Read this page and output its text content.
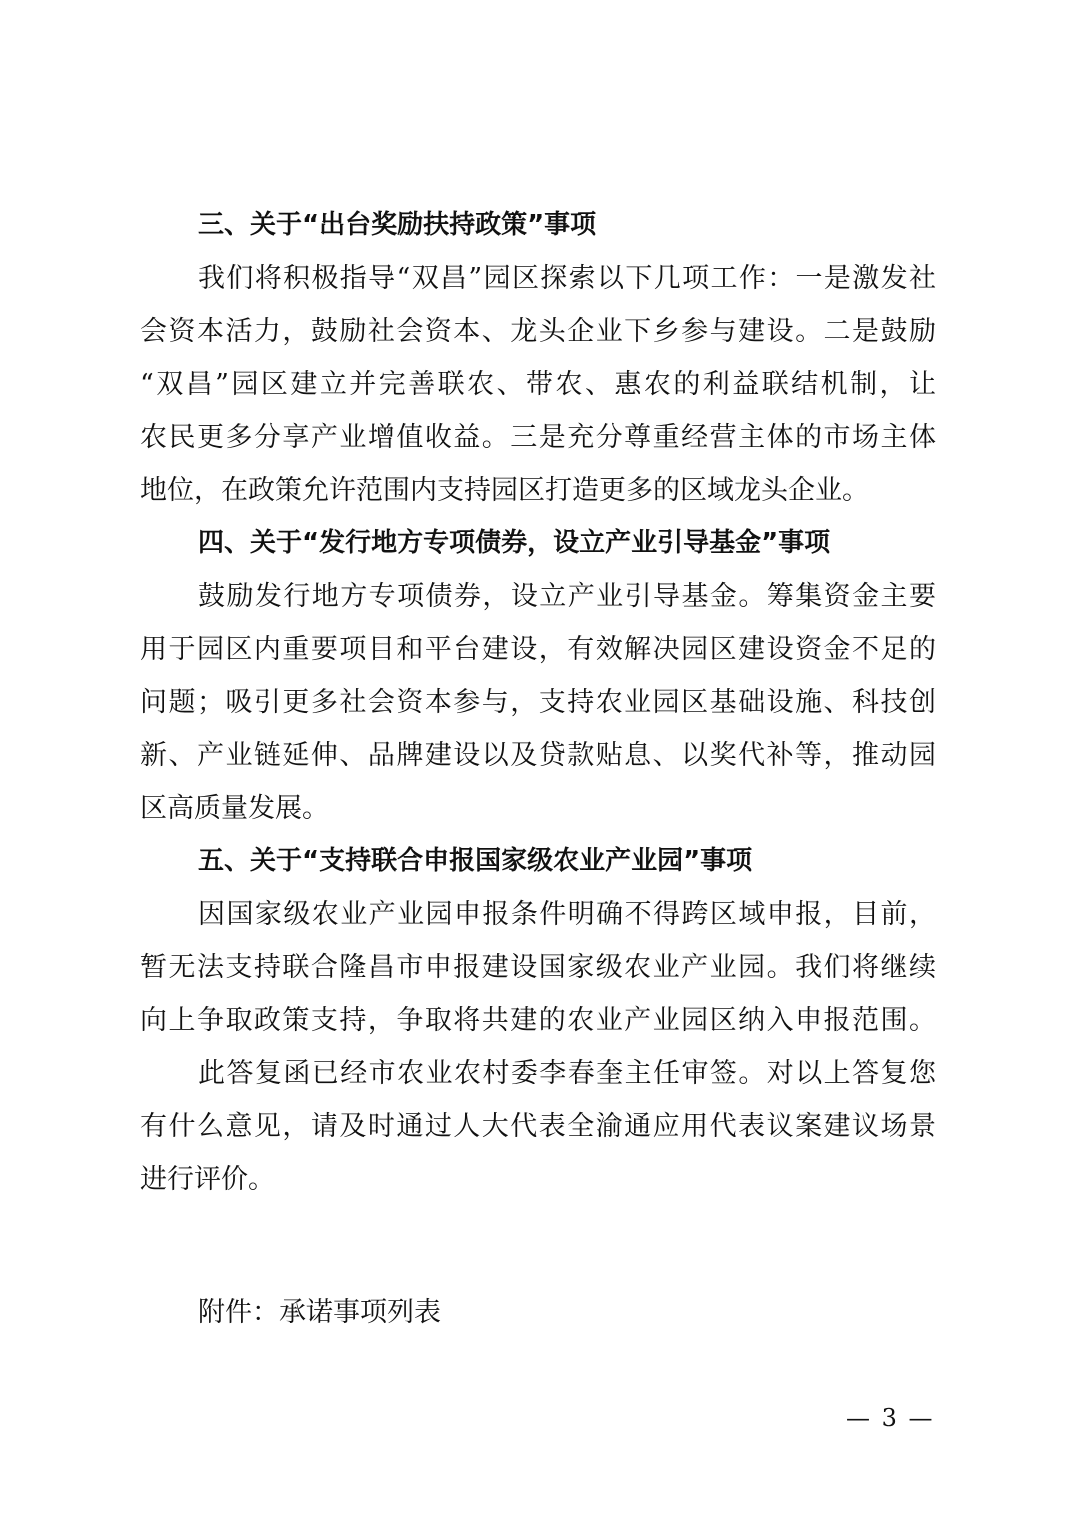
三、关于“出台奖励扶持政策”事项
我们将积极指导“双昌”园区探索以下几项工作：一是激发社
会资本活力，鼓励社会资本、龙头企业下乡参与建设。二是鼓励
“双昌”园区建立并完善联农、带农、惠农的利益联结机制，让
农民更多分享产业增值收益。三是充分尊重经营主体的市场主体
地位，在政策允许范围内支持园区打造更多的区域龙头企业。
四、关于“发行地方专项债券，设立产业引导基金”事项
鼓励发行地方专项债券，设立产业引导基金。筹集资金主要
用于园区内重要项目和平台建设，有效解决园区建设资金不足的
问题；吸引更多社会资本参与，支持农业园区基础设施、科技创
新、产业链延伸、品牌建设以及贷款贴息、以奖代补等，推动园
区高质量发展。
五、关于“支持联合申报国家级农业产业园”事项
因国家级农业产业园申报条件明确不得跨区域申报，目前，
暂无法支持联合隆昌市申报建设国家级农业产业园。我们将继续
向上争取政策支持，争取将共建的农业产业园区纳入申报范围。
此答复函已经市农业农村委李春奎主任审签。对以上答复您
有什么意见，请及时通过人大代表全渝通应用代表议案建议场景
进行评价。
附件：承诺事项列表
— 3 —
